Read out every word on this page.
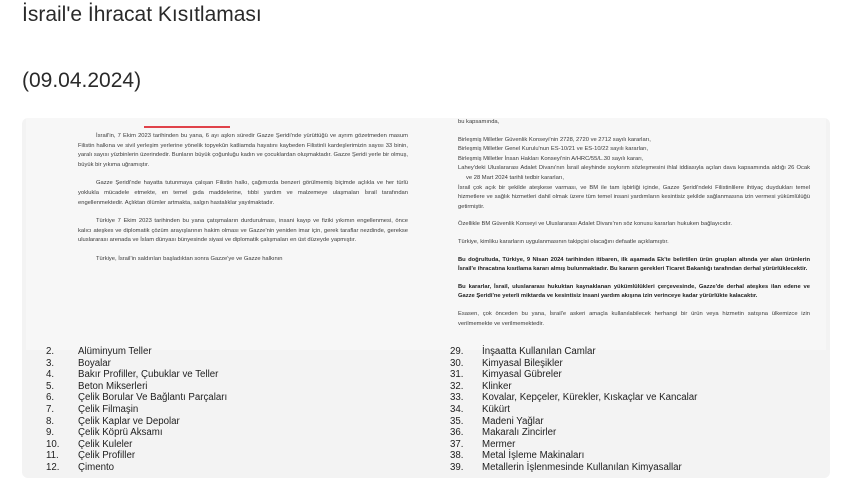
İsrail'e İhracat Kısıtlaması
(09.04.2024)

İsrail'in, 7 Ekim 2023 tarihinden bu yana, 6 ayı aşkın süredir Gazze Şeridi'nde yürüttüğü ve ayrım gözetmeden masum Filistin halkına ve sivil yerleşim yerlerine yönelik topyekûn katliamda hayatını kaybeden Filistinli kardeşlerimizin sayısı 33 binin, yaralı sayısı yüzbinlerin üzerindedir. Bunların büyük çoğunluğu kadın ve çocuklardan oluşmaktadır. Gazze Şeridi yerle bir olmuş, büyük bir yıkıma uğramıştır.

Gazze Şeridi'nde hayatta tutunmaya çalışan Filistin halkı, çağımızda benzeri görülmemiş biçimde açlıkla ve her türlü yoklukla mücadele etmekte, en temel gıda maddelerine, tıbbi yardım ve malzemeye ulaşmaları İsrail tarafından engellenmektedir. Açlıktan ölümler artmakta, salgın hastalıklar yayılmaktadır.

Türkiye 7 Ekim 2023 tarihinden bu yana çatışmaların durdurulması, insani kayıp ve fiziki yıkımın engellenmesi, önce kalıcı ateşkes ve diplomatik çözüm arayışlarının hakim olması ve Gazze'nin yeniden imar için, gerek taraflar nezdinde, gerekse uluslararası arenada ve İslam dünyası bünyesinde siyasi ve diplomatik çalışmaları en üst düzeyde yapmıştır.

Türkiye, İsrail'in saldırıları başladıktan sonra Gazze'ye ve Gazze halkının

bu kapsamında,

Birleşmiş Milletler Güvenlik Konseyi'nin 2728, 2720 ve 2712 sayılı kararları,
Birleşmiş Milletler Genel Kurulu'nun ES-10/21 ve ES-10/22 sayılı kararları,
Birleşmiş Milletler İnsan Hakları Konseyi'nin A/HRC/55/L.30 sayılı kararı,

Lahey'deki Uluslararası Adalet Divanı'nın İsrail aleyhinde soykırım sözleşmesini ihlal iddiasıyla açılan dava kapsamında aldığı 26 Ocak ve 28 Mart 2024 tarihli tedbir kararları,

İsrail çok açık bir şekilde ateşkese varması, ve BM ile tam işbirliği içinde, Gazze Şeridi'ndeki Filistinlilere ihtiyaç duydukları temel hizmetlere ve sağlık hizmetleri dahil olmak üzere tüm temel insani yardımların kesintisiz şekilde sağlanmasına izin vermesi yükümlülüğü getirmiştir.

Özellikle BM Güvenlik Konseyi ve Uluslararası Adalet Divanı'nın söz konusu kararları hukuken bağlayıcıdır.

Türkiye, kimliku kararların uygulanmasının takipçisi olacağını defaatle açıklamıştır.

Bu doğrultuda, Türkiye, 9 Nisan 2024 tarihinden itibaren, ilk aşamada Ek'te belirtilen ürün grupları altında yer alan ürünlerin İsrail'e ihracatına kısıtlama kararı almış bulunmaktadır. Bu kararın gerekleri Ticaret Bakanlığı tarafından derhal yürürlüklecektir.

Bu kararlar, İsrail, uluslararası hukuktan kaynaklanan yükümlülükleri çerçevesinde, Gazze'de derhal ateşkes ilan edene ve Gazze Şeridi'ne yeterli miktarda ve kesintisiz insani yardım akışına izin verinceye kadar yürürlükte kalacaktır.

Esasen, çok önceden bu yana, İsrail'e askeri amaçla kullanılabilecek herhangi bir ürün veya hizmetin satışına ülkemizce izin verilmemekte ve verilmemektedir.

2. Alüminyum Teller
3. Boyalar
4. Bakır Profiller, Çubuklar ve Teller
5. Beton Mikserleri
6. Çelik Borular Ve Bağlantı Parçaları
7. Çelik Filmaşin
8. Çelik Kaplar ve Depolar
9. Çelik Köprü Aksamı
10. Çelik Kuleler
11. Çelik Profiller
12. Çimento
29. İnşaatta Kullanılan Camlar
30. Kimyasal Bileşikler
31. Kimyasal Gübreler
32. Klinker
33. Kovalar, Kepçeler, Kürekler, Kıskaçlar ve Kancalar
34. Kükürt
35. Madeni Yağlar
36. Makaralı Zincirler
37. Mermer
38. Metal İşleme Makinaları
39. Metallerin İşlenmesinde Kullanılan Kimyasallar
